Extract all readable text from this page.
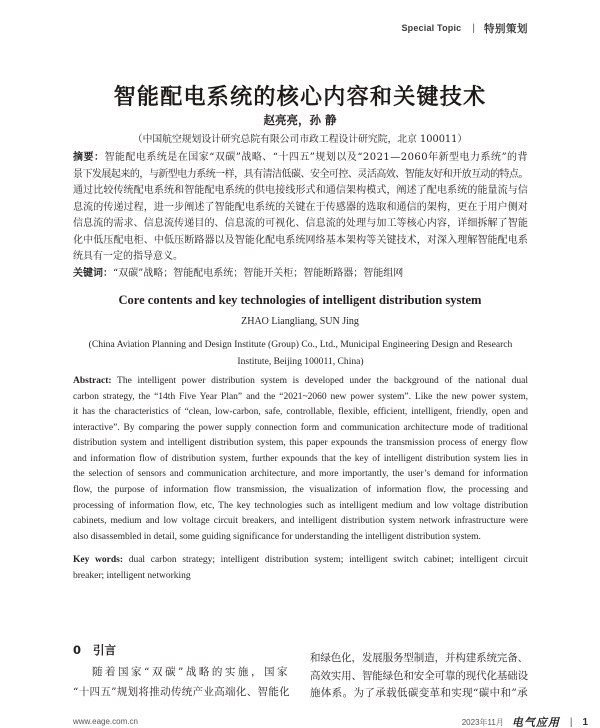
Special Topic | 特别策划
智能配电系统的核心内容和关键技术
赵亮亮，孙 静
（中国航空规划设计研究总院有限公司市政工程设计研究院，北京 100011）
摘要：智能配电系统是在国家“双碳”战略、“十四五”规划以及“2021—2060年新型电力系统”的背
景下发展起来的，与新型电力系统一样，具有清洁低碳、安全可控、灵活高效、智能友好和开放互动的特点。
通过比较传统配电系统和智能配电系统的供电接线形式和通信架构模式，阐述了配电系统的能量流与信
息流的传递过程，进一步阐述了智能配电系统的关键在于传感器的选取和通信的架构，更在于用户侧对
信息流的需求、信息流传递目的、信息流的可视化、信息流的处理与加工等核心内容，详细拆解了智能
化中低压配电柜、中低压断路器以及智能化配电系统网络基本架构等关键技术，对深入理解智能配电系
统具有一定的指导意义。
关键词：“双碳”战略；智能配电系统；智能开关柜；智能断路器；智能组网
Core contents and key technologies of intelligent distribution system
ZHAO Liangliang, SUN Jing
(China Aviation Planning and Design Institute (Group) Co., Ltd., Municipal Engineering Design and Research
Institute, Beijing 100011, China)
Abstract: The intelligent power distribution system is developed under the background of the national dual
carbon strategy, the “14th Five Year Plan” and the “2021~2060 new power system”. Like the new power system,
it has the characteristics of “clean, low-carbon, safe, controllable, flexible, efficient, intelligent, friendly, open and
interactive”. By comparing the power supply connection form and communication architecture mode of traditional
distribution system and intelligent distribution system, this paper expounds the transmission process of energy flow
and information flow of distribution system, further expounds that the key of intelligent distribution system lies in
the selection of sensors and communication architecture, and more importantly, the user’s demand for information
flow, the purpose of information flow transmission, the visualization of information flow, the processing and
processing of information flow, etc, The key technologies such as intelligent medium and low voltage distribution
cabinets, medium and low voltage circuit breakers, and intelligent distribution system network infrastructure were
also disassembled in detail, some guiding significance for understanding the intelligent distribution system.
Key words: dual carbon strategy; intelligent distribution system; intelligent switch cabinet; intelligent circuit
breaker; intelligent networking
0 引言
随着国家“双碳”战略的实施，国家
“十四五”规划将推动传统产业高端化、智能化
和绿色化，发展服务型制造，并构建系统完备、
高效实用、智能绿色和安全可靠的现代化基础设
施体系。为了承载低碳变革和实现“碳中和”承
www.eage.com.cn	2023年11月 电气应用 | 1
